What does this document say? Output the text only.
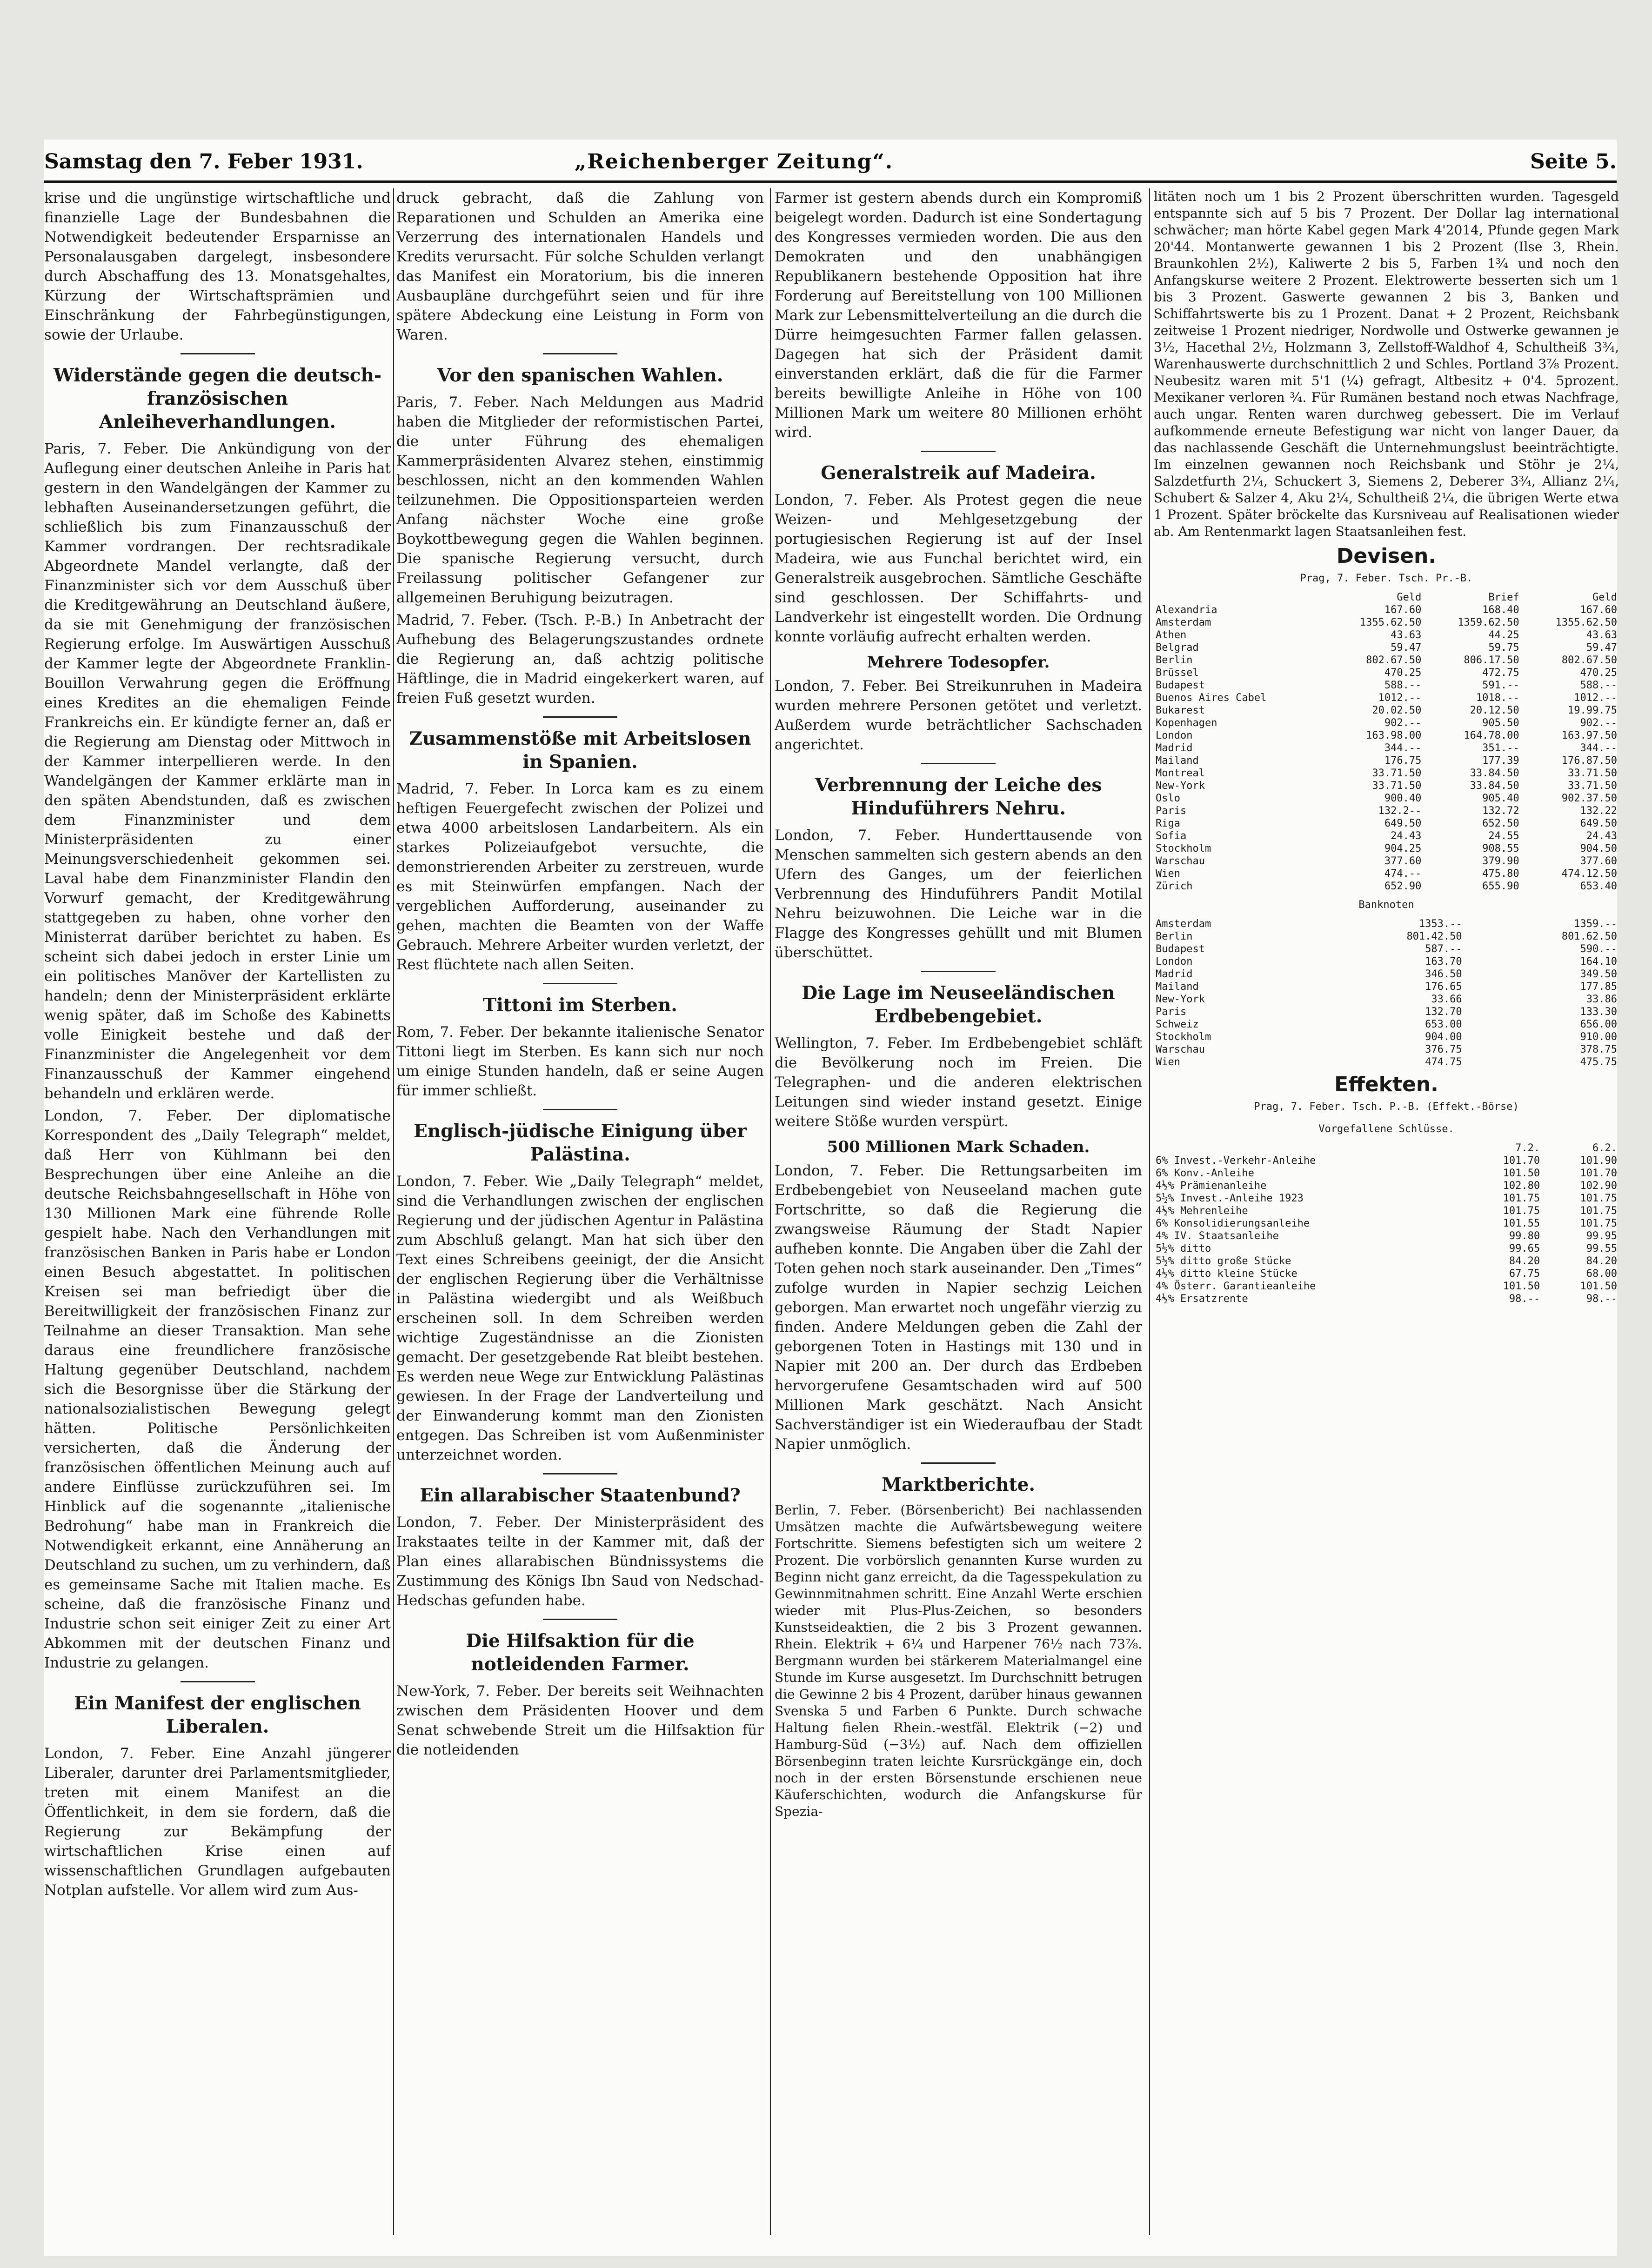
Samstag den 7. Feber 1931.	„Reichenberger Zeitung“.	Seite 5.

krise und die ungünstige wirtschaftliche und finanzielle Lage der Bundesbahnen die Notwendigkeit bedeutender Ersparnisse an Personalausgaben dargelegt, insbesondere durch Abschaffung des 13. Monatsgehaltes, Kürzung der Wirtschaftsprämien und Einschränkung der Fahrbegünstigungen, sowie der Urlaube.

Widerstände gegen die deutsch-französischen Anleiheverhandlungen.

Paris, 7. Feber. Die Ankündigung von der Auflegung einer deutschen Anleihe in Paris hat gestern in den Wandelgängen der Kammer zu lebhaften Auseinandersetzungen geführt, die schließlich bis zum Finanzausschuß der Kammer vordrangen. Der rechtsradikale Abgeordnete Mandel verlangte, daß der Finanzminister sich vor dem Ausschuß über die Kreditgewährung an Deutschland äußere, da sie mit Genehmigung der französischen Regierung erfolge. Im Auswärtigen Ausschuß der Kammer legte der Abgeordnete Franklin-Bouillon Verwahrung gegen die Eröffnung eines Kredites an die ehemaligen Feinde Frankreichs ein. Er kündigte ferner an, daß er die Regierung am Dienstag oder Mittwoch in der Kammer interpellieren werde. In den Wandelgängen der Kammer erklärte man in den späten Abendstunden, daß es zwischen dem Finanzminister und dem Ministerpräsidenten zu einer Meinungsverschiedenheit gekommen sei. Laval habe dem Finanzminister Flandin den Vorwurf gemacht, der Kreditgewährung stattgegeben zu haben, ohne vorher den Ministerrat darüber berichtet zu haben. Es scheint sich dabei jedoch in erster Linie um ein politisches Manöver der Kartellisten zu handeln; denn der Ministerpräsident erklärte wenig später, daß im Schoße des Kabinetts volle Einigkeit bestehe und daß der Finanzminister die Angelegenheit vor dem Finanzausschuß der Kammer eingehend behandeln und erklären werde.

London, 7. Feber. Der diplomatische Korrespondent des „Daily Telegraph“ meldet, daß Herr von Kühlmann bei den Besprechungen über eine Anleihe an die deutsche Reichsbahngesellschaft in Höhe von 130 Millionen Mark eine führende Rolle gespielt habe. Nach den Verhandlungen mit französischen Banken in Paris habe er London einen Besuch abgestattet. In politischen Kreisen sei man befriedigt über die Bereitwilligkeit der französischen Finanz zur Teilnahme an dieser Transaktion. Man sehe daraus eine freundlichere französische Haltung gegenüber Deutschland, nachdem sich die Besorgnisse über die Stärkung der nationalsozialistischen Bewegung gelegt hätten. Politische Persönlichkeiten versicherten, daß die Änderung der französischen öffentlichen Meinung auch auf andere Einflüsse zurückzuführen sei. Im Hinblick auf die sogenannte „italienische Bedrohung“ habe man in Frankreich die Notwendigkeit erkannt, eine Annäherung an Deutschland zu suchen, um zu verhindern, daß es gemeinsame Sache mit Italien mache. Es scheine, daß die französische Finanz und Industrie schon seit einiger Zeit zu einer Art Abkommen mit der deutschen Finanz und Industrie zu gelangen.

Ein Manifest der englischen Liberalen.

London, 7. Feber. Eine Anzahl jüngerer Liberaler, darunter drei Parlamentsmitglieder, treten mit einem Manifest an die Öffentlichkeit, in dem sie fordern, daß die Regierung zur Bekämpfung der wirtschaftlichen Krise einen auf wissenschaftlichen Grundlagen aufgebauten Notplan aufstelle. Vor allem wird zum Aus-

druck gebracht, daß die Zahlung von Reparationen und Schulden an Amerika eine Verzerrung des internationalen Handels und Kredits verursacht. Für solche Schulden verlangt das Manifest ein Moratorium, bis die inneren Ausbaupläne durchgeführt seien und für ihre spätere Abdeckung eine Leistung in Form von Waren.

Vor den spanischen Wahlen.

Paris, 7. Feber. Nach Meldungen aus Madrid haben die Mitglieder der reformistischen Partei, die unter Führung des ehemaligen Kammerpräsidenten Alvarez stehen, einstimmig beschlossen, nicht an den kommenden Wahlen teilzunehmen. Die Oppositionsparteien werden Anfang nächster Woche eine große Boykottbewegung gegen die Wahlen beginnen. Die spanische Regierung versucht, durch Freilassung politischer Gefangener zur allgemeinen Beruhigung beizutragen.

Madrid, 7. Feber. (Tsch. P.-B.) In Anbetracht der Aufhebung des Belagerungszustandes ordnete die Regierung an, daß achtzig politische Häftlinge, die in Madrid eingekerkert waren, auf freien Fuß gesetzt wurden.

Zusammenstöße mit Arbeitslosen in Spanien.

Madrid, 7. Feber. In Lorca kam es zu einem heftigen Feuergefecht zwischen der Polizei und etwa 4000 arbeitslosen Landarbeitern. Als ein starkes Polizeiaufgebot versuchte, die demonstrierenden Arbeiter zu zerstreuen, wurde es mit Steinwürfen empfangen. Nach der vergeblichen Aufforderung, auseinander zu gehen, machten die Beamten von der Waffe Gebrauch. Mehrere Arbeiter wurden verletzt, der Rest flüchtete nach allen Seiten.

Tittoni im Sterben.

Rom, 7. Feber. Der bekannte italienische Senator Tittoni liegt im Sterben. Es kann sich nur noch um einige Stunden handeln, daß er seine Augen für immer schließt.

Englisch-jüdische Einigung über Palästina.

London, 7. Feber. Wie „Daily Telegraph“ meldet, sind die Verhandlungen zwischen der englischen Regierung und der jüdischen Agentur in Palästina zum Abschluß gelangt. Man hat sich über den Text eines Schreibens geeinigt, der die Ansicht der englischen Regierung über die Verhältnisse in Palästina wiedergibt und als Weißbuch erscheinen soll. In dem Schreiben werden wichtige Zugeständnisse an die Zionisten gemacht. Der gesetzgebende Rat bleibt bestehen. Es werden neue Wege zur Entwicklung Palästinas gewiesen. In der Frage der Landverteilung und der Einwanderung kommt man den Zionisten entgegen. Das Schreiben ist vom Außenminister unterzeichnet worden.

Ein allarabischer Staatenbund?

London, 7. Feber. Der Ministerpräsident des Irakstaates teilte in der Kammer mit, daß der Plan eines allarabischen Bündnissystems die Zustimmung des Königs Ibn Saud von Nedschad-Hedschas gefunden habe.

Die Hilfsaktion für die notleidenden Farmer.

New-York, 7. Feber. Der bereits seit Weihnachten zwischen dem Präsidenten Hoover und dem Senat schwebende Streit um die Hilfsaktion für die notleidenden

Farmer ist gestern abends durch ein Kompromiß beigelegt worden. Dadurch ist eine Sondertagung des Kongresses vermieden worden. Die aus den Demokraten und den unabhängigen Republikanern bestehende Opposition hat ihre Forderung auf Bereitstellung von 100 Millionen Mark zur Lebensmittelverteilung an die durch die Dürre heimgesuchten Farmer fallen gelassen. Dagegen hat sich der Präsident damit einverstanden erklärt, daß die für die Farmer bereits bewilligte Anleihe in Höhe von 100 Millionen Mark um weitere 80 Millionen erhöht wird.

Generalstreik auf Madeira.

London, 7. Feber. Als Protest gegen die neue Weizen- und Mehlgesetzgebung der portugiesischen Regierung ist auf der Insel Madeira, wie aus Funchal berichtet wird, ein Generalstreik ausgebrochen. Sämtliche Geschäfte sind geschlossen. Der Schiffahrts- und Landverkehr ist eingestellt worden. Die Ordnung konnte vorläufig aufrecht erhalten werden.

Mehrere Todesopfer.

London, 7. Feber. Bei Streikunruhen in Madeira wurden mehrere Personen getötet und verletzt. Außerdem wurde beträchtlicher Sachschaden angerichtet.

Verbrennung der Leiche des Hinduführers Nehru.

London, 7. Feber. Hunderttausende von Menschen sammelten sich gestern abends an den Ufern des Ganges, um der feierlichen Verbrennung des Hinduführers Pandit Motilal Nehru beizuwohnen. Die Leiche war in die Flagge des Kongresses gehüllt und mit Blumen überschüttet.

Die Lage im Neuseeländischen Erdbebengebiet.

Wellington, 7. Feber. Im Erdbebengebiet schläft die Bevölkerung noch im Freien. Die Telegraphen- und die anderen elektrischen Leitungen sind wieder instand gesetzt. Einige weitere Stöße wurden verspürt.

500 Millionen Mark Schaden.

London, 7. Feber. Die Rettungsarbeiten im Erdbebengebiet von Neuseeland machen gute Fortschritte, so daß die Regierung die zwangsweise Räumung der Stadt Napier aufheben konnte. Die Angaben über die Zahl der Toten gehen noch stark auseinander. Den „Times“ zufolge wurden in Napier sechzig Leichen geborgen. Man erwartet noch ungefähr vierzig zu finden. Andere Meldungen geben die Zahl der geborgenen Toten in Hastings mit 130 und in Napier mit 200 an. Der durch das Erdbeben hervorgerufene Gesamtschaden wird auf 500 Millionen Mark geschätzt. Nach Ansicht Sachverständiger ist ein Wiederaufbau der Stadt Napier unmöglich.

Marktberichte.

Berlin, 7. Feber. (Börsenbericht) Bei nachlassenden Umsätzen machte die Aufwärtsbewegung weitere Fortschritte. Siemens befestigten sich um weitere 2 Prozent. Die vorbörslich genannten Kurse wurden zu Beginn nicht ganz erreicht, da die Tagesspekulation zu Gewinnmitnahmen schritt. Eine Anzahl Werte erschien wieder mit Plus-Plus-Zeichen, so besonders Kunstseideaktien, die 2 bis 3 Prozent gewannen. Rhein. Elektrik + 6¼ und Harpener 76½ nach 73⅞. Bergmann wurden bei stärkerem Materialmangel eine Stunde im Kurse ausgesetzt. Im Durchschnitt betrugen die Gewinne 2 bis 4 Prozent, darüber hinaus gewannen Svenska 5 und Farben 6 Punkte. Durch schwache Haltung fielen Rhein.-westfäl. Elektrik (−2) und Hamburg-Süd (−3½) auf. Nach dem offiziellen Börsenbeginn traten leichte Kursrückgänge ein, doch noch in der ersten Börsenstunde erschienen neue Käuferschichten, wodurch die Anfangskurse für Spezia-

litäten noch um 1 bis 2 Prozent überschritten wurden. Tagesgeld entspannte sich auf 5 bis 7 Prozent. Der Dollar lag international schwächer; man hörte Kabel gegen Mark 4'2014, Pfunde gegen Mark 20'44. Montanwerte gewannen 1 bis 2 Prozent (Ilse 3, Rhein. Braunkohlen 2½), Kaliwerte 2 bis 5, Farben 1¾ und noch den Anfangskurse weitere 2 Prozent. Elektrowerte besserten sich um 1 bis 3 Prozent. Gaswerte gewannen 2 bis 3, Banken und Schiffahrtswerte bis zu 1 Prozent. Danat + 2 Prozent, Reichsbank zeitweise 1 Prozent niedriger, Nordwolle und Ostwerke gewannen je 3½, Hacethal 2½, Holzmann 3, Zellstoff-Waldhof 4, Schultheiß 3¾, Warenhauswerte durchschnittlich 2 und Schles. Portland 3⅞ Prozent. Neubesitz waren mit 5'1 (¼) gefragt, Altbesitz + 0'4. 5prozent. Mexikaner verloren ¾. Für Rumänen bestand noch etwas Nachfrage, auch ungar. Renten waren durchweg gebessert. Die im Verlauf aufkommende erneute Befestigung war nicht von langer Dauer, da das nachlassende Geschäft die Unternehmungslust beeinträchtigte. Im einzelnen gewannen noch Reichsbank und Stöhr je 2¼, Salzdetfurth 2¼, Schuckert 3, Siemens 2, Deberer 3¾, Allianz 2¼, Schubert & Salzer 4, Aku 2¼, Schultheiß 2¼, die übrigen Werte etwa 1 Prozent. Später bröckelte das Kursniveau auf Realisationen wieder ab. Am Rentenmarkt lagen Staatsanleihen fest.

Devisen.
Prag, 7. Feber. Tsch. Pr.-B.
	Geld	Brief	Geld
Alexandria	167.60	168.40	167.60
Amsterdam	1355.62.50	1359.62.50	1355.62.50
Athen	43.63	44.25	43.63
Belgrad	59.47	59.75	59.47
Berlin	802.67.50	806.17.50	802.67.50
Brüssel	470.25	472.75	470.25
Budapest	588.--	591.--	588.--
Buenos Aires Cabel	1012.--	1018.--	1012.--
Bukarest	20.02.50	20.12.50	19.99.75
Kopenhagen	902.--	905.50	902.--
London	163.98.00	164.78.00	163.97.50
Madrid	344.--	351.--	344.--
Mailand	176.75	177.39	176.87.50
Montreal	33.71.50	33.84.50	33.71.50
New-York	33.71.50	33.84.50	33.71.50
Oslo	900.40	905.40	902.37.50
Paris	132.2--	132.72	132.22
Riga	649.50	652.50	649.50
Sofia	24.43	24.55	24.43
Stockholm	904.25	908.55	904.50
Warschau	377.60	379.90	377.60
Wien	474.--	475.80	474.12.50
Zürich	652.90	655.90	653.40
Banknoten
Amsterdam	1353.--	1359.--
Berlin	801.42.50	801.62.50
Budapest	587.--	590.--
London	163.70	164.10
Madrid	346.50	349.50
Mailand	176.65	177.85
New-York	33.66	33.86
Paris	132.70	133.30
Schweiz	653.00	656.00
Stockholm	904.00	910.00
Warschau	376.75	378.75
Wien	474.75	475.75
Effekten.
Prag, 7. Feber. Tsch. P.-B. (Effekt.-Börse)
Vorgefallene Schlüsse.
	7.2.	6.2.
6% Invest.-Verkehr-Anleihe	101.70	101.90
6% Konv.-Anleihe	101.50	101.70
4½% Prämienanleihe	102.80	102.90
5½% Invest.-Anleihe 1923	101.75	101.75
4½% Mehrenleihe	101.75	101.75
6% Konsolidierungsanleihe	101.55	101.75
4% IV. Staatsanleihe	99.80	99.95
5½% ditto	99.65	99.55
5½% ditto große Stücke	84.20	84.20
4½% ditto kleine Stücke	67.75	68.00
4% Österr. Garantieanleihe	101.50	101.50
4½% Ersatzrente	98.--	98.--
